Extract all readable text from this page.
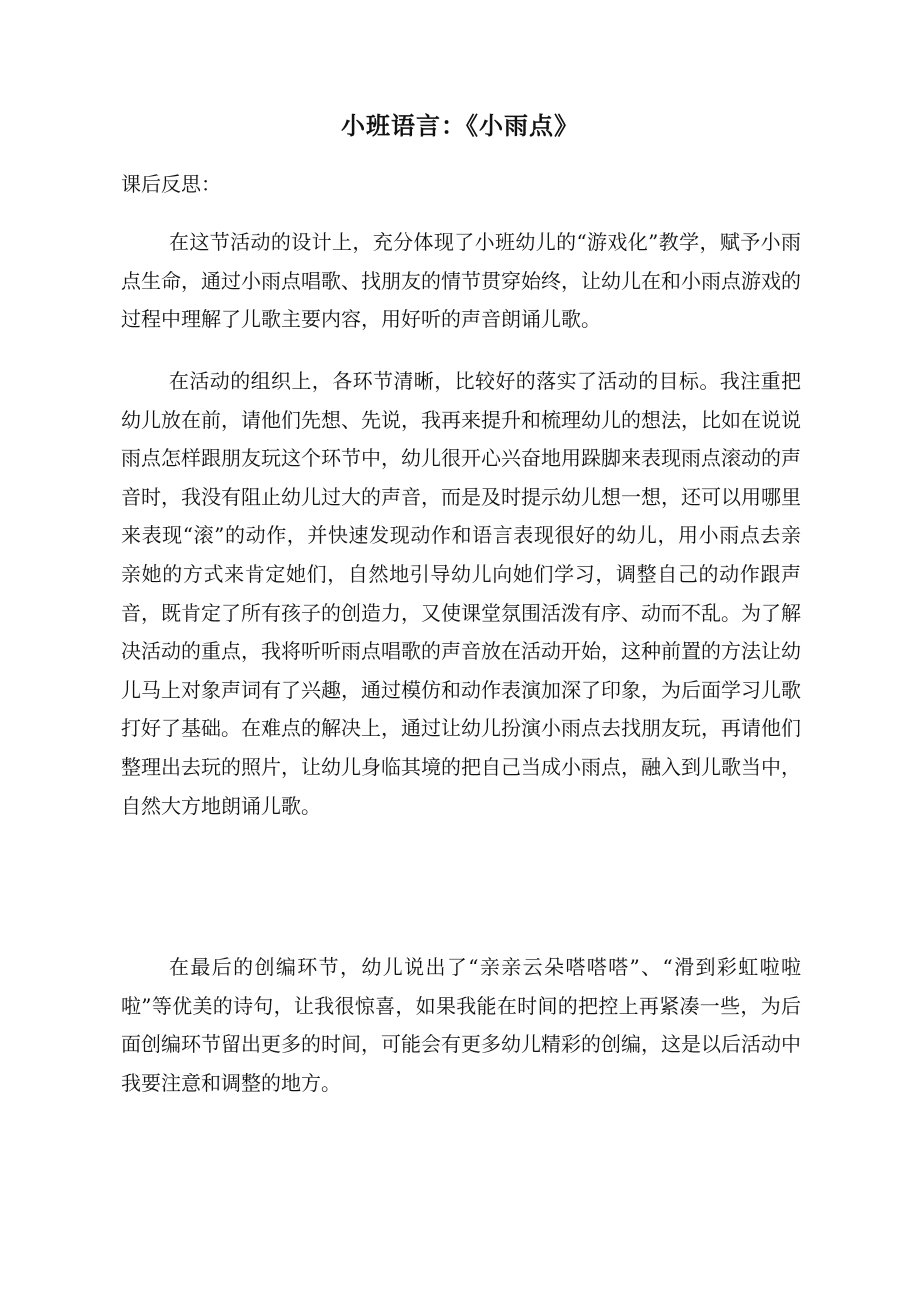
小班语言：《小雨点》
课后反思：

在这节活动的设计上，充分体现了小班幼儿的“游戏化”教学，赋予小雨点生命，通过小雨点唱歌、找朋友的情节贯穿始终，让幼儿在和小雨点游戏的过程中理解了儿歌主要内容，用好听的声音朗诵儿歌。

在活动的组织上，各环节清晰，比较好的落实了活动的目标。我注重把幼儿放在前，请他们先想、先说，我再来提升和梳理幼儿的想法，比如在说说雨点怎样跟朋友玩这个环节中，幼儿很开心兴奋地用跺脚来表现雨点滚动的声音时，我没有阻止幼儿过大的声音，而是及时提示幼儿想一想，还可以用哪里来表现“滚”的动作，并快速发现动作和语言表现很好的幼儿，用小雨点去亲亲她的方式来肯定她们，自然地引导幼儿向她们学习，调整自己的动作跟声音，既肯定了所有孩子的创造力，又使课堂氛围活泼有序、动而不乱。为了解决活动的重点，我将听听雨点唱歌的声音放在活动开始，这种前置的方法让幼儿马上对象声词有了兴趣，通过模仿和动作表演加深了印象，为后面学习儿歌打好了基础。在难点的解决上，通过让幼儿扮演小雨点去找朋友玩，再请他们整理出去玩的照片，让幼儿身临其境的把自己当成小雨点，融入到儿歌当中，自然大方地朗诵儿歌。

在最后的创编环节，幼儿说出了“亲亲云朵嗒嗒嗒”、“滑到彩虹啦啦啦”等优美的诗句，让我很惊喜，如果我能在时间的把控上再紧凑一些，为后面创编环节留出更多的时间，可能会有更多幼儿精彩的创编，这是以后活动中我要注意和调整的地方。
